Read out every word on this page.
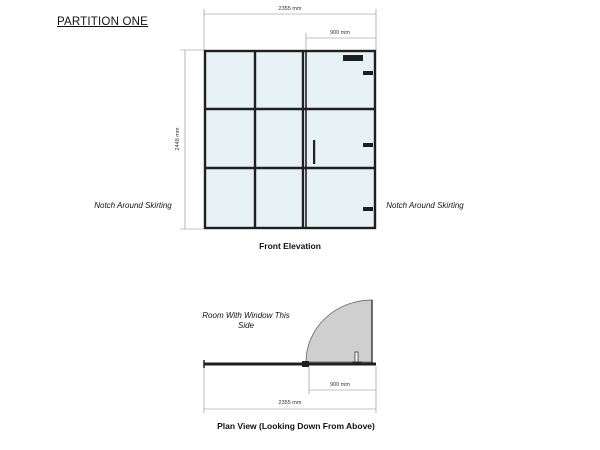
PARTITION ONE
2355 mm
900 mm
2448 mm
900 mm
2355 mm
Notch Around Skirting	Notch Around Skirting
Room With Window This Side
Front Elevation
Plan View (Looking Down From Above)
